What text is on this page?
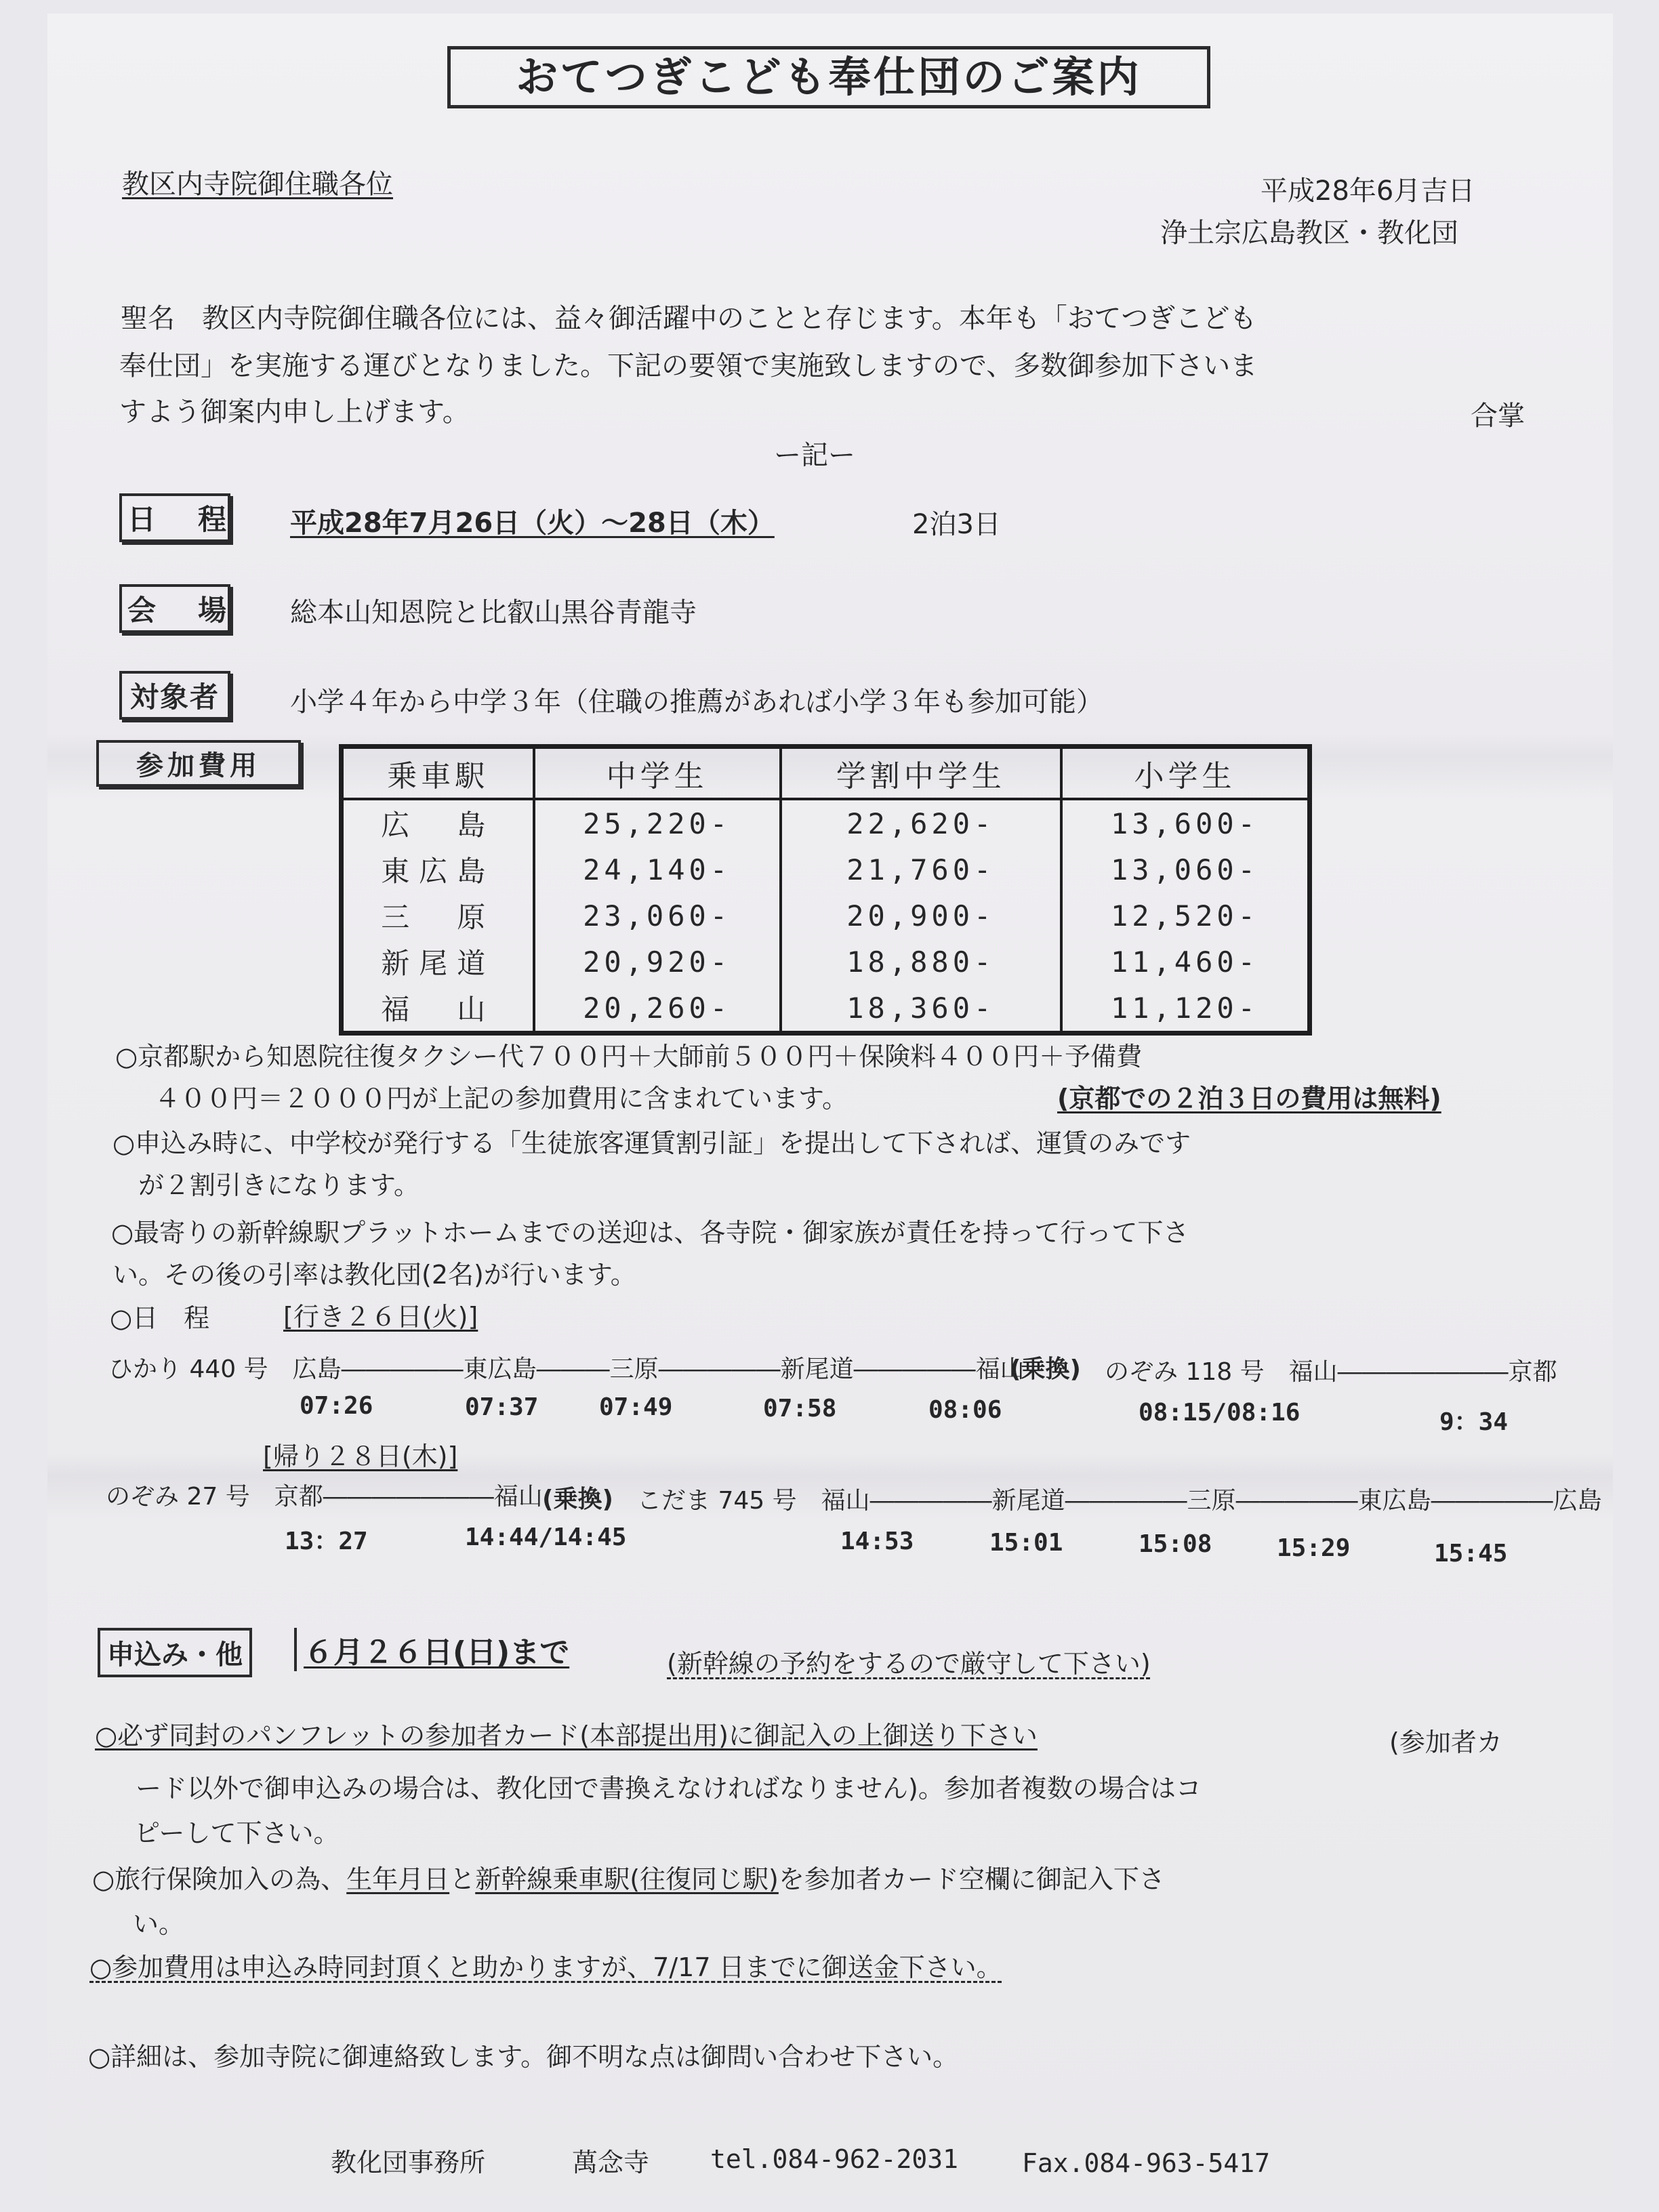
おてつぎこども奉仕団のご案内
教区内寺院御住職各位	平成28年6月吉日
浄土宗広島教区・教化団
聖名　教区内寺院御住職各位には、益々御活躍中のことと存じます。本年も「おてつぎこども
奉仕団」を実施する運びとなりました。下記の要領で実施致しますので、多数御参加下さいま
すよう御案内申し上げます。	合掌
ー記ー
日　程 平成28年7月26日（火）～28日（木）	2泊3日
会　場 総本山知恩院と比叡山黒谷青龍寺
対象者	小学４年から中学３年（住職の推薦があれば小学３年も参加可能）
参加費用	乗車駅	中学生	学割中学生	小学生
広　島	25,220-	22,620-	13,600-
東広島	24,140-	21,760-	13,060-
三　原	23,060-	20,900-	12,520-
新尾道	20,920-	18,880-	11,460-
福　山	20,260-	18,360-	11,120-
○京都駅から知恩院往復タクシー代７００円＋大師前５００円＋保険料４００円＋予備費
４００円＝２０００円が上記の参加費用に含まれています。	(京都での２泊３日の費用は無料)
○申込み時に、中学校が発行する「生徒旅客運賃割引証」を提出して下されば、運賃のみです
が２割引きになります。
○最寄りの新幹線駅プラットホームまでの送迎は、各寺院・御家族が責任を持って行って下さ
い。その後の引率は教化団(2名)が行います。
○日　程	[行き２６日(火)]
ひかり 440 号　広島―――――東広島―――三原―――――新尾道―――――福山
(乗換) のぞみ 118 号　福山―――――――京都
07:26	07:37 07:49	07:58	08:06	08:15/08:16	9：34
[帰り２８日(木)]
のぞみ 27 号　京都―――――――福山 (乗換) こだま 745 号　福山―――――新尾道―――――三原―――――東広島―――――広島
13：27	14:44/14:45	14:53	15:01	15:08	15:29	15:45
申込み・他	６月２６日(日)まで	(新幹線の予約をするので厳守して下さい)
○必ず同封のパンフレットの参加者カード(本部提出用)に御記入の上御送り下さい	(参加者カ
ード以外で御申込みの場合は、教化団で書換えなければなりません)。参加者複数の場合はコ
ピーして下さい。
○旅行保険加入の為、生年月日と新幹線乗車駅(往復同じ駅)を参加者カード空欄に御記入下さ
い。
○参加費用は申込み時同封頂くと助かりますが、7/17 日までに御送金下さい。
○詳細は、参加寺院に御連絡致します。御不明な点は御問い合わせ下さい。
教化団事務所	萬念寺 tel.084-962-2031 Fax.084-963-5417
